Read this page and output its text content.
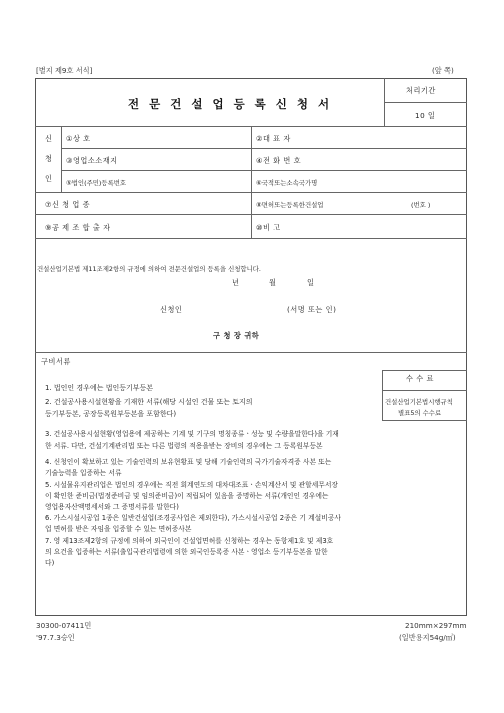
[별지 제9호 서식]	(앞 쪽)
전 문 건 설 업 등 록 신 청 서
처리기간
10 일
신
청
인
①상 호	②대 표 자
③영업소소재지	④전 화 번 호
⑤법인(주민)등록번호	⑥국적또는소속국가명
⑦신 청 업 종	⑧면허또는등록한건설업	(번호 )
⑨공 제 조 합 출 자	⑩비 고
건설산업기본법 제11조제2항의 규정에 의하여 전문건설업의 등록을 신청합니다.
년	월	일
신청인	(서명 또는 인)
구 청 장 귀하
구비서류
수 수 료
건설산업기본법시행규칙
별표5의 수수료
1. 법인인 경우에는 법인등기부등본
2. 건설공사용시설현황을 기재한 서류(해당 시설인 건물 또는 토지의
등기부등본, 공장등록원부등본을 포함한다)
3. 건설공사용시설현황(영업용에 제공하는 기계 및 기구의 명칭종류ㆍ성능 및 수량을말한다)을 기재
한 서류. 다만, 건설기계관리법 또는 다른 법령의 적용을받는 장비의 경우에는 그 등록원부등본
4. 신청인이 확보하고 있는 기술인력의 보유현황표 및 당해 기술인력의 국가기술자격증 사본 또는
기술능력을 입증하는 서류
5. 시설물유지관리업은 법인의 경우에는 직전 회계연도의 대차대조표ㆍ손익계산서 및 관할세무서장
이 확인한 준비금(법정준비금 및 임의준비금)이 적립되어 있음을 증명하는 서류(개인인 경우에는
영업용자산액명세서와 그 증명서류를 말한다)
6. 가스시설시공업 1종은 일반건설업(조경공사업은 제외한다), 가스시설시공업 2종은 기 계설비공사
업 면허를 받은 자임을 입증할 수 있는 면허증사본
7. 영 제13조제2항의 규정에 의하여 외국인이 건설업면허를 신청하는 경우는 동항제1호 및 제3호
의 요건을 입증하는 서류(출입국관리법령에 의한 외국인등록증 사본ㆍ영업소 등기부등본을 말한
다)
30300-07411민
'97.7.3승인
210mm×297mm
(일반용지54g/㎡)
